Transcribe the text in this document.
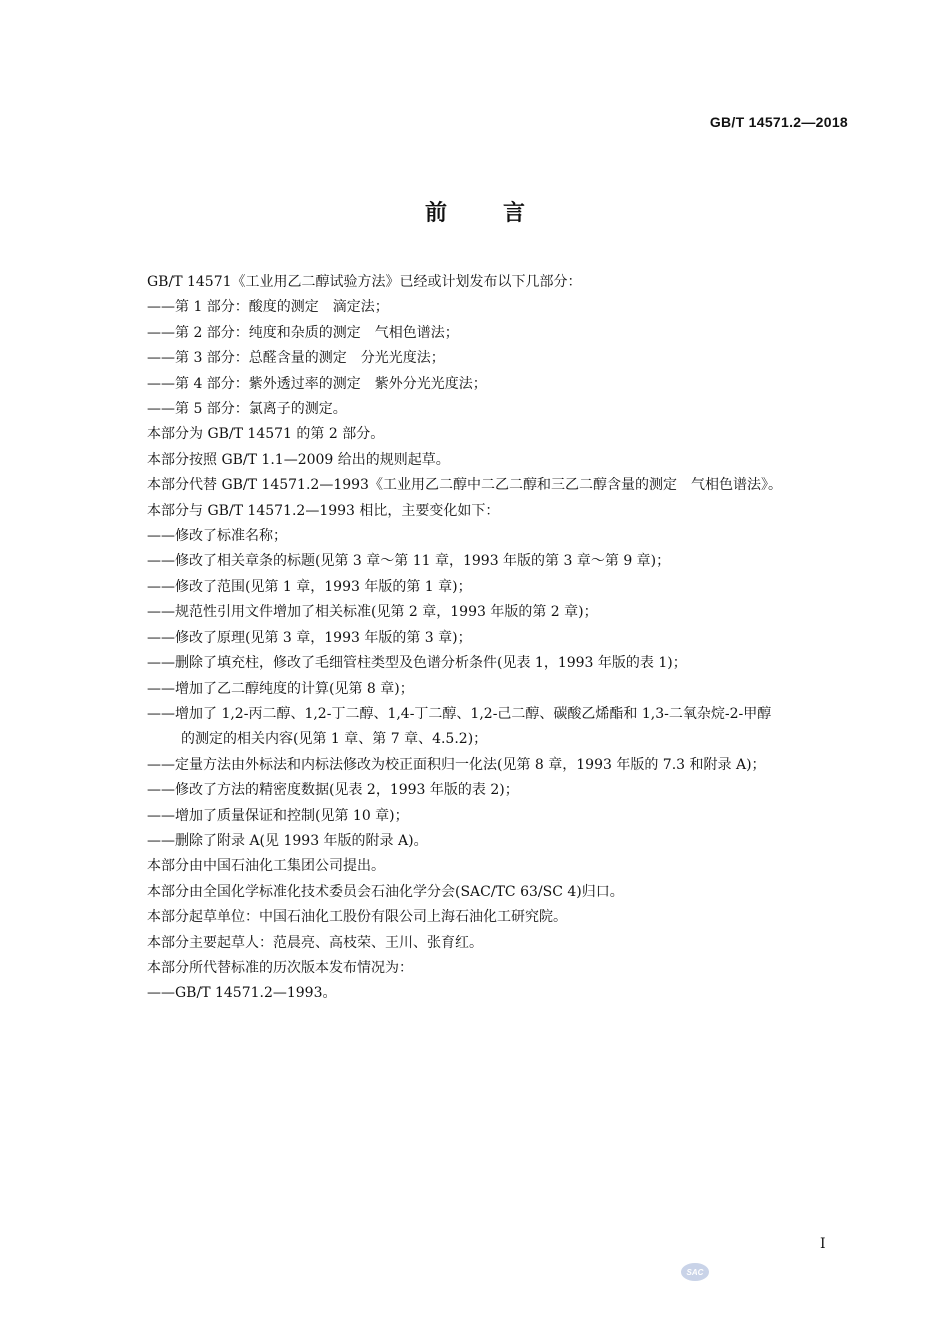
GB/T 14571.2—2018
前言

GB/T 14571《工业用乙二醇试验方法》已经或计划发布以下几部分：

——第 1 部分：酸度的测定　滴定法；

——第 2 部分：纯度和杂质的测定　气相色谱法；

——第 3 部分：总醛含量的测定　分光光度法；

——第 4 部分：紫外透过率的测定　紫外分光光度法；

——第 5 部分：氯离子的测定。

本部分为 GB/T 14571 的第 2 部分。

本部分按照 GB/T 1.1—2009 给出的规则起草。

本部分代替 GB/T 14571.2—1993《工业用乙二醇中二乙二醇和三乙二醇含量的测定　气相色谱法》。

本部分与 GB/T 14571.2—1993 相比，主要变化如下：

——修改了标准名称；

——修改了相关章条的标题(见第 3 章～第 11 章，1993 年版的第 3 章～第 9 章)；

——修改了范围(见第 1 章，1993 年版的第 1 章)；

——规范性引用文件增加了相关标准(见第 2 章，1993 年版的第 2 章)；

——修改了原理(见第 3 章，1993 年版的第 3 章)；

——删除了填充柱，修改了毛细管柱类型及色谱分析条件(见表 1，1993 年版的表 1)；

——增加了乙二醇纯度的计算(见第 8 章)；

——增加了 1,2-丙二醇、1,2-丁二醇、1,4-丁二醇、1,2-己二醇、碳酸乙烯酯和 1,3-二氧杂烷-2-甲醇

的测定的相关内容(见第 1 章、第 7 章、4.5.2)；

——定量方法由外标法和内标法修改为校正面积归一化法(见第 8 章，1993 年版的 7.3 和附录 A)；

——修改了方法的精密度数据(见表 2，1993 年版的表 2)；

——增加了质量保证和控制(见第 10 章)；

——删除了附录 A(见 1993 年版的附录 A)。

本部分由中国石油化工集团公司提出。

本部分由全国化学标准化技术委员会石油化学分会(SAC/TC 63/SC 4)归口。

本部分起草单位：中国石油化工股份有限公司上海石油化工研究院。

本部分主要起草人：范晨亮、高枝荣、王川、张育红。

本部分所代替标准的历次版本发布情况为：

——GB/T 14571.2—1993。

I
SAC
